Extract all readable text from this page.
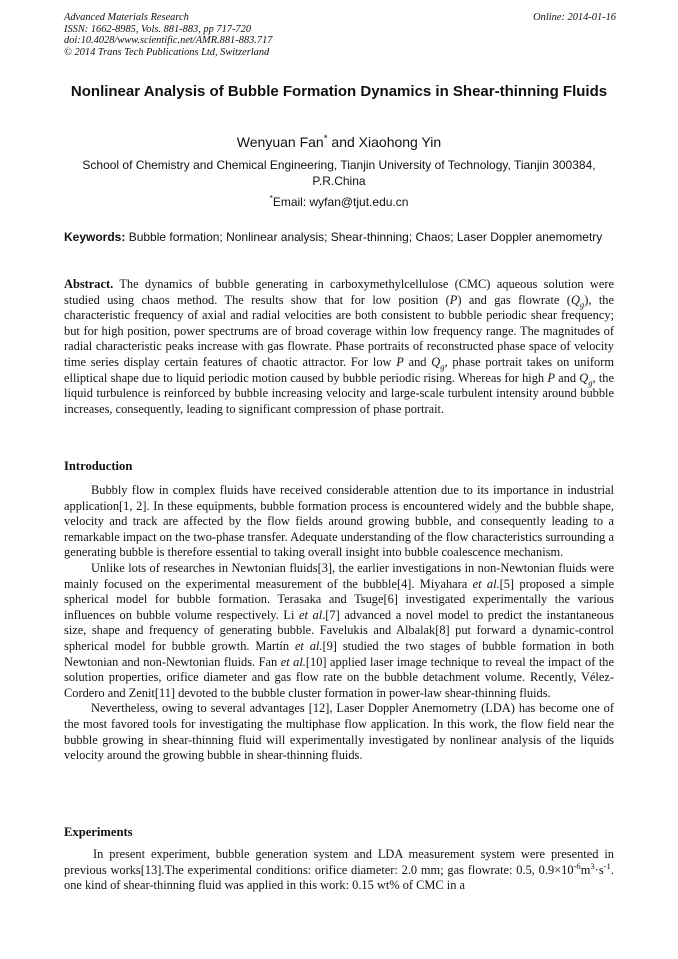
Advanced Materials Research	Online: 2014-01-16
ISSN: 1662-8985, Vols. 881-883, pp 717-720
doi:10.4028/www.scientific.net/AMR.881-883.717
© 2014 Trans Tech Publications Ltd, Switzerland
Nonlinear Analysis of Bubble Formation Dynamics in Shear-thinning Fluids
Wenyuan Fan* and Xiaohong Yin
School of Chemistry and Chemical Engineering, Tianjin University of Technology, Tianjin 300384, P.R.China
*Email: wyfan@tjut.edu.cn
Keywords: Bubble formation; Nonlinear analysis; Shear-thinning; Chaos; Laser Doppler anemometry
Abstract. The dynamics of bubble generating in carboxymethylcellulose (CMC) aqueous solution were studied using chaos method. The results show that for low position (P) and gas flowrate $(Q_g)$, the characteristic frequency of axial and radial velocities are both consistent to bubble periodic shear frequency; but for high position, power spectrums are of broad coverage within low frequency range. The magnitudes of radial characteristic peaks increase with gas flowrate. Phase portraits of reconstructed phase space of velocity time series display certain features of chaotic attractor. For low P and $Q_g$, phase portrait takes on uniform elliptical shape due to liquid periodic motion caused by bubble periodic rising. Whereas for high P and $Q_g$, the liquid turbulence is reinforced by bubble increasing velocity and large-scale turbulent intensity around bubble increases, consequently, leading to significant compression of phase portrait.
Introduction

Bubbly flow in complex fluids have received considerable attention due to its importance in industrial application[1, 2]. In these equipments, bubble formation process is encountered widely and the bubble shape, velocity and track are affected by the flow fields around growing bubble, and consequently leading to a remarkable impact on the two-phase transfer. Adequate understanding of the flow characteristics surrounding a generating bubble is therefore essential to taking overall insight into bubble coalescence mechanism.

Unlike lots of researches in Newtonian fluids[3], the earlier investigations in non-Newtonian fluids were mainly focused on the experimental measurement of the bubble[4]. Miyahara et al.[5] proposed a simple spherical model for bubble formation. Terasaka and Tsuge[6] investigated experimentally the various influences on bubble volume respectively. Li et al.[7] advanced a novel model to predict the instantaneous size, shape and frequency of generating bubble. Favelukis and Albalak[8] put forward a dynamic-control spherical model for bubble growth. Martín et al.[9] studied the two stages of bubble formation in both Newtonian and non-Newtonian fluids. Fan et al.[10] applied laser image technique to reveal the impact of the solution properties, orifice diameter and gas flow rate on the bubble detachment volume. Recently, Vélez-Cordero and Zenit[11] devoted to the bubble cluster formation in power-law shear-thinning fluids.

Nevertheless, owing to several advantages [12], Laser Doppler Anemometry (LDA) has become one of the most favored tools for investigating the multiphase flow application. In this work, the flow field near the bubble growing in shear-thinning fluid will experimentally investigated by nonlinear analysis of the liquids velocity around the growing bubble in shear-thinning fluids.

Experiments

In present experiment, bubble generation system and LDA measurement system were presented in previous works[13].The experimental conditions: orifice diameter: 2.0 mm; gas flowrate: 0.5, $0.9\times 10^{-6}m^3\cdot s^{-1}$. one kind of shear-thinning fluid was applied in this work: 0.15 wt% of CMC in a
